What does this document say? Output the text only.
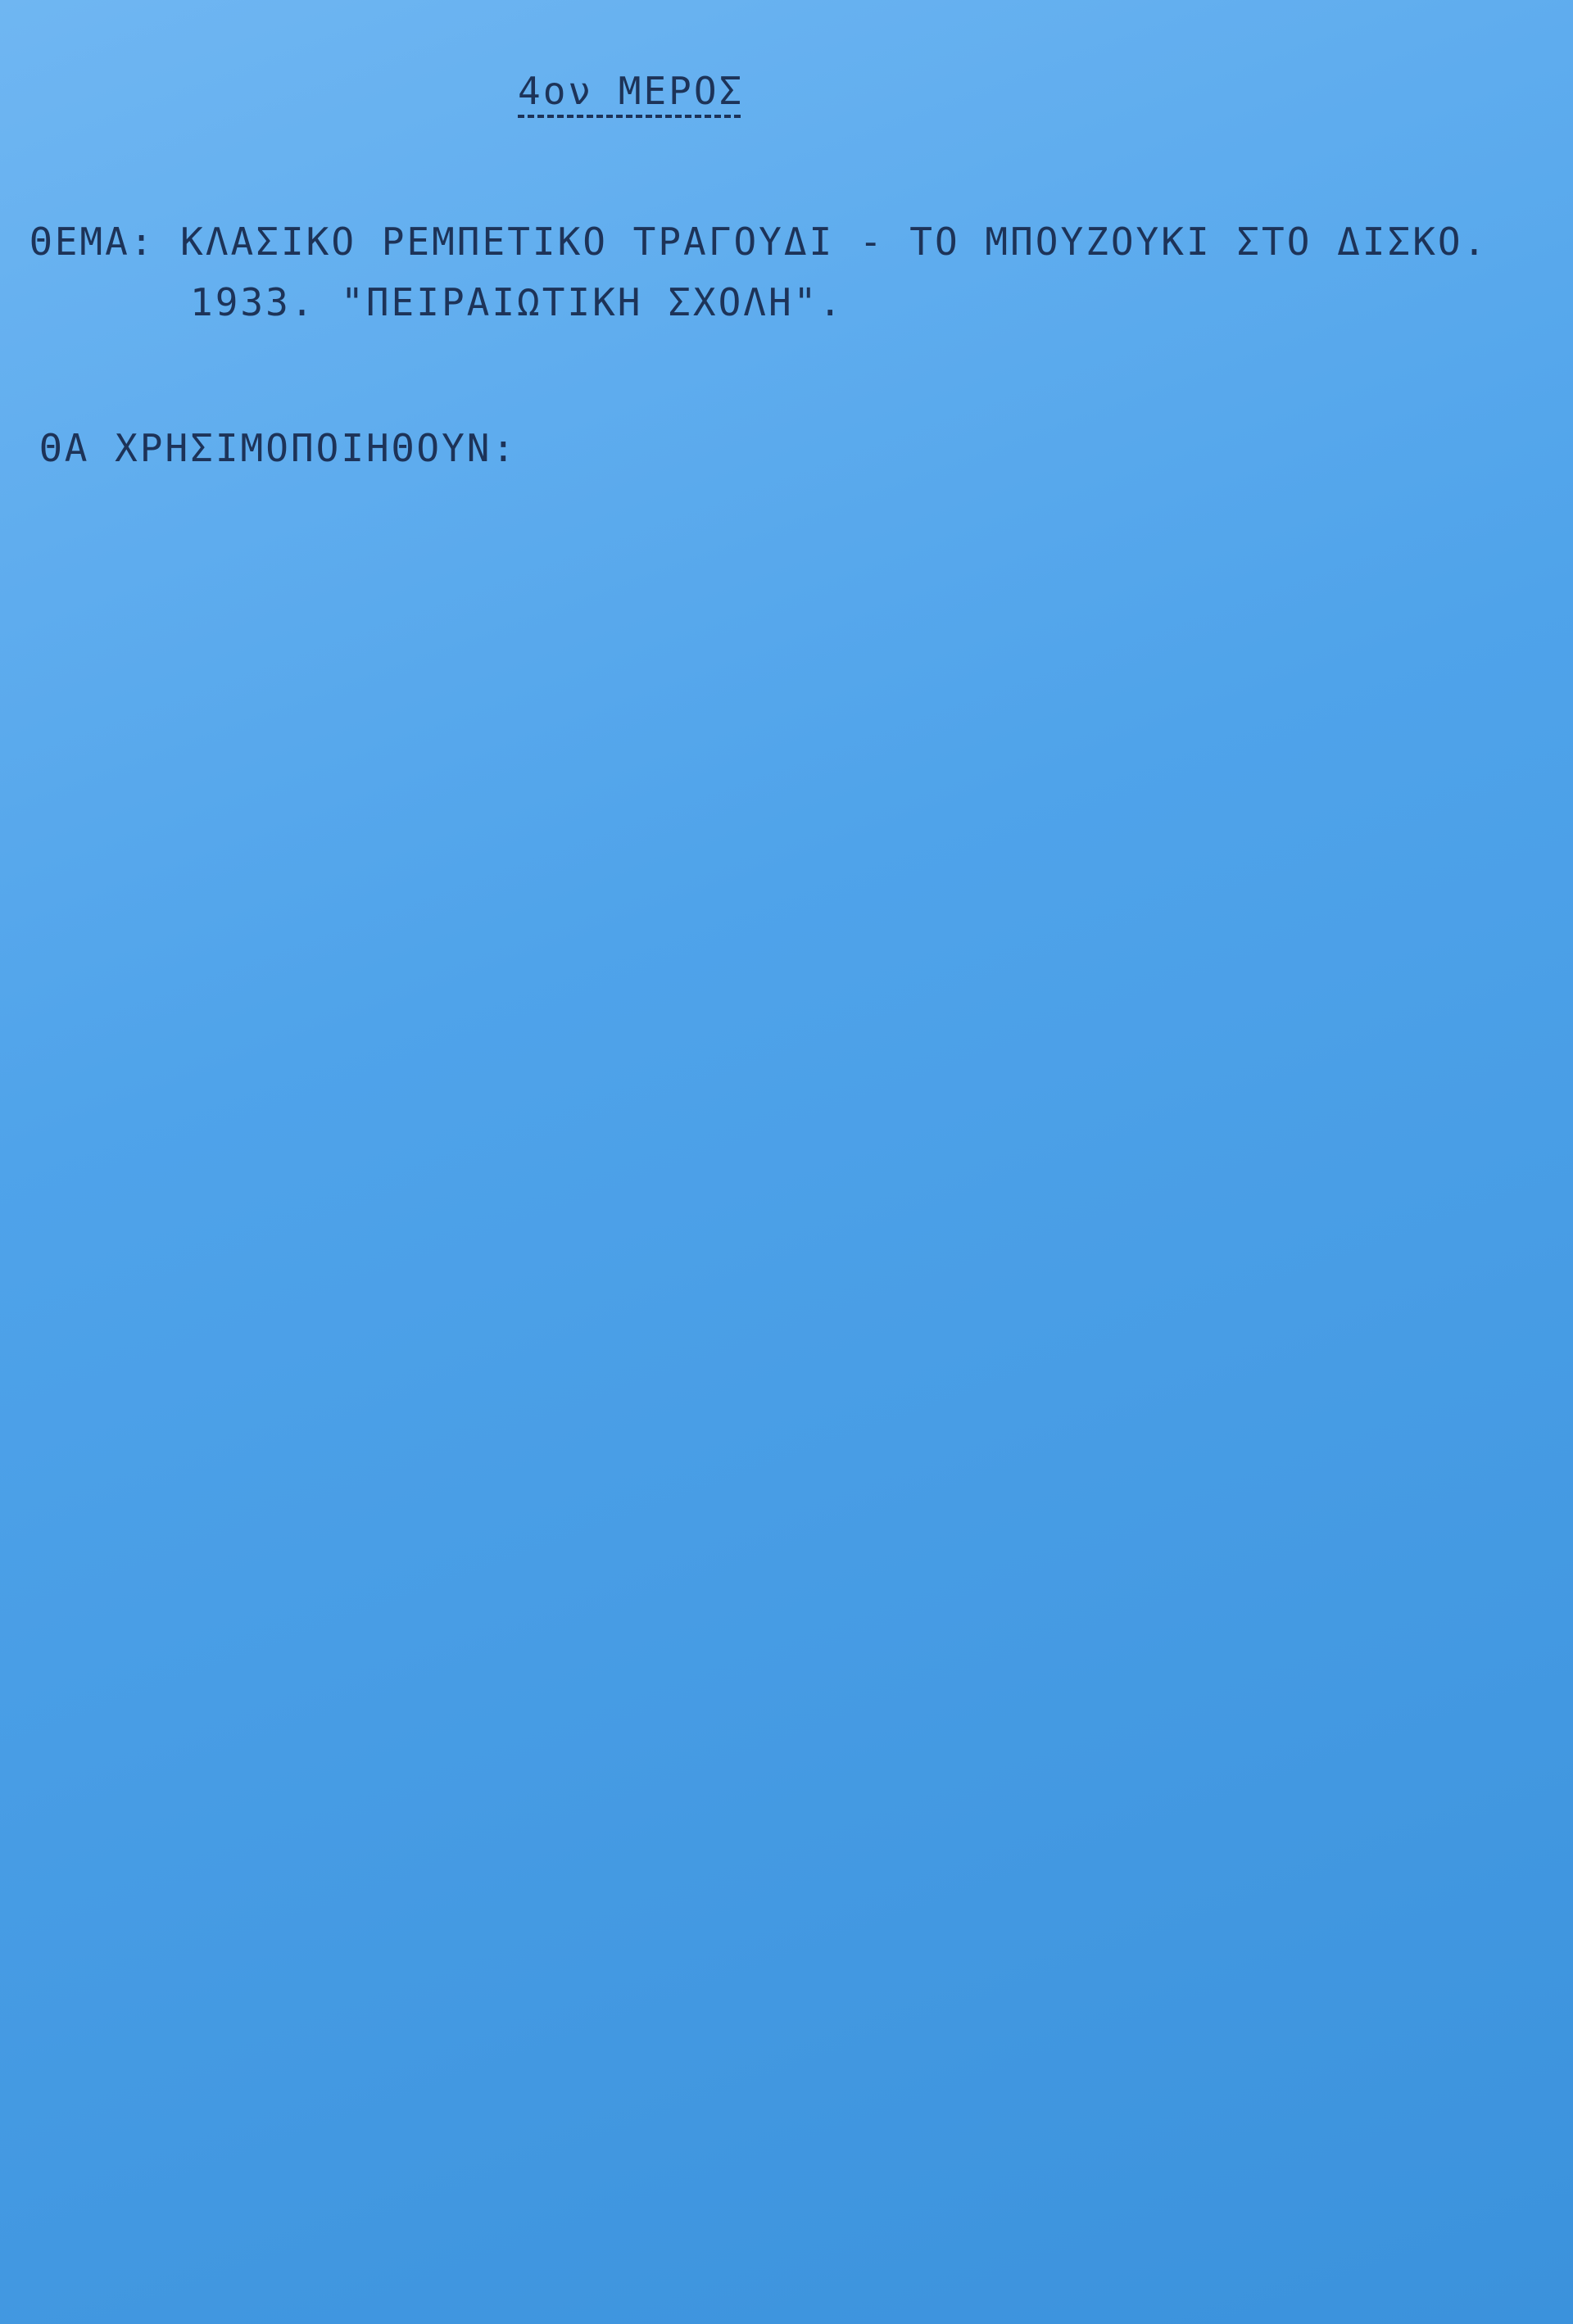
4ον ΜΕΡΟΣ
ΘΕΜΑ: ΚΛΑΣΙΚΟ ΡΕΜΠΕΤΙΚΟ ΤΡΑΓΟΥΔΙ - ΤΟ ΜΠΟΥΖΟΥΚΙ ΣΤΟ ΔΙΣΚΟ.
1933. "ΠΕΙΡΑΙΩΤΙΚΗ ΣΧΟΛΗ".
ΘΑ ΧΡΗΣΙΜΟΠΟΙΗΘΟΥΝ:
